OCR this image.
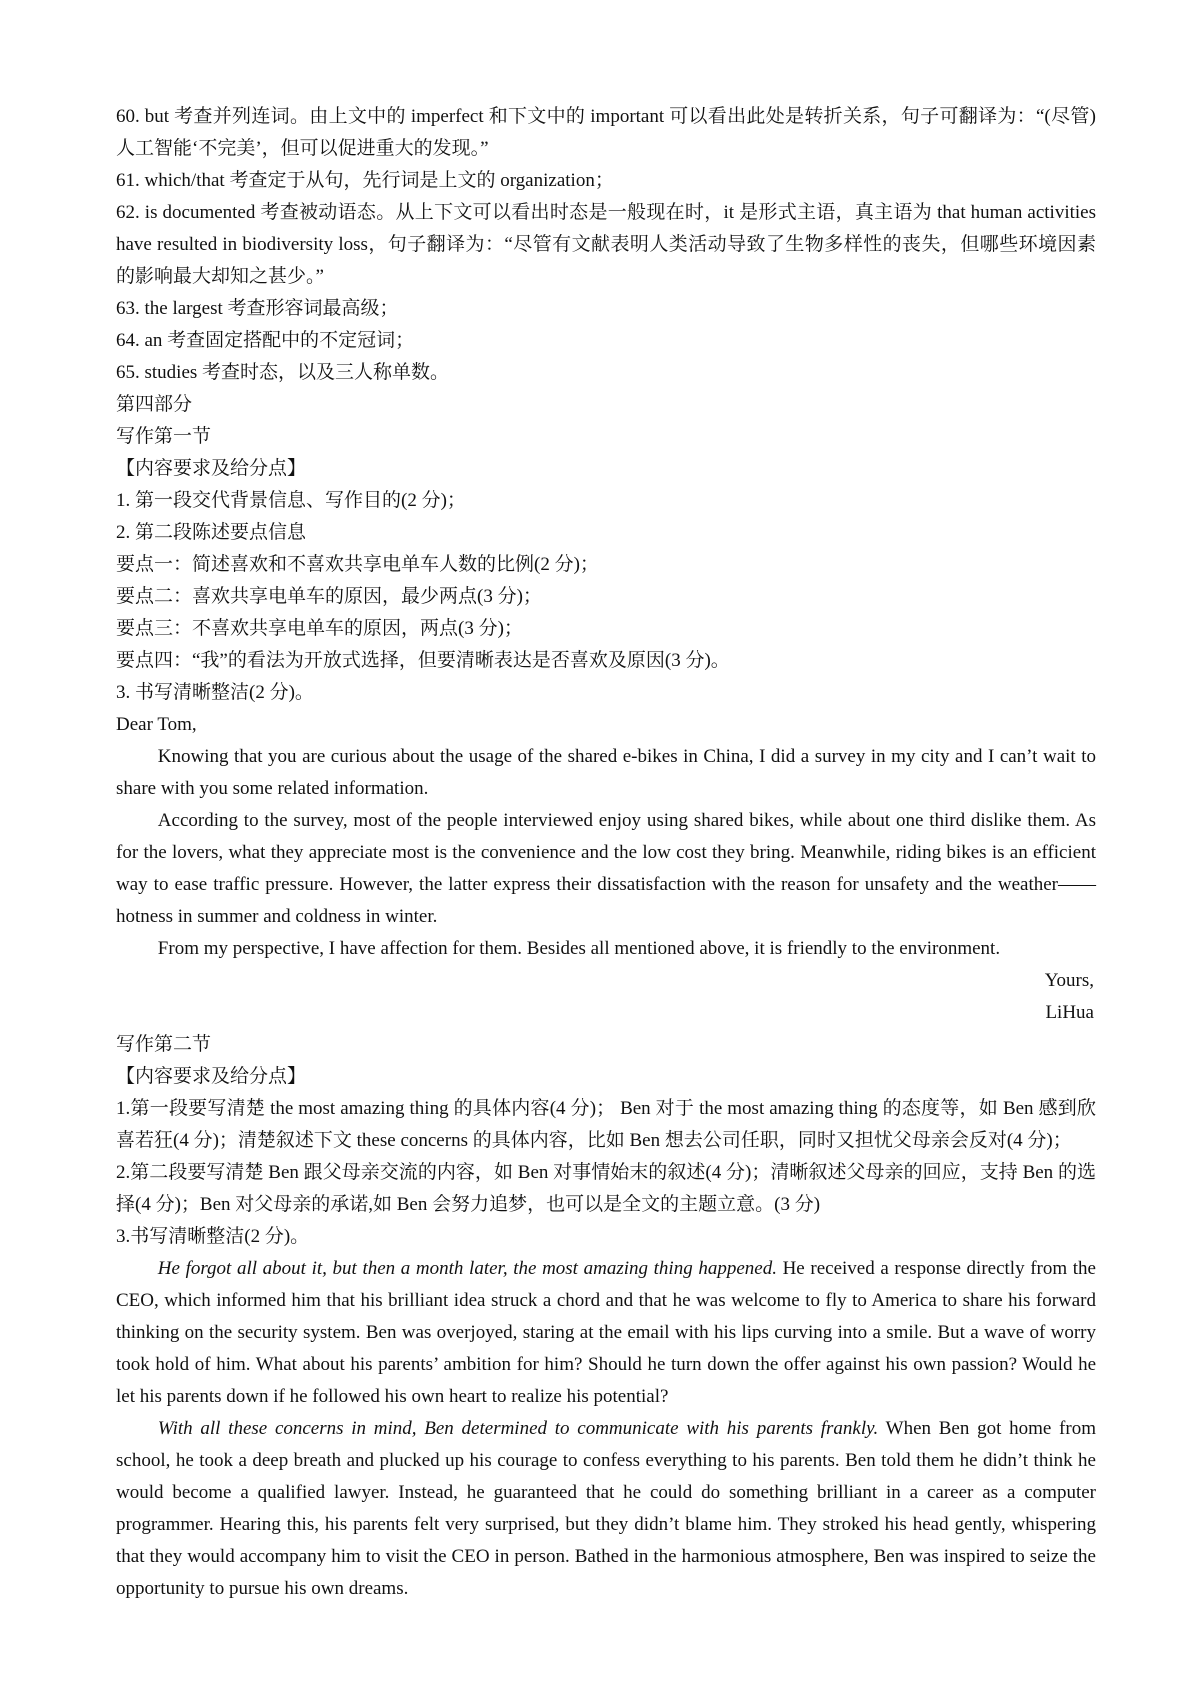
60. but 考查并列连词。由上文中的 imperfect 和下文中的 important 可以看出此处是转折关系，句子可翻译为：“(尽管)人工智能‘不完美’，但可以促进重大的发现。”

61. which/that 考查定于从句，先行词是上文的 organization；

62. is documented 考查被动语态。从上下文可以看出时态是一般现在时，it 是形式主语，真主语为 that human activities have resulted in biodiversity loss，句子翻译为：“尽管有文献表明人类活动导致了生物多样性的丧失，但哪些环境因素的影响最大却知之甚少。”

63. the largest 考查形容词最高级；

64. an 考查固定搭配中的不定冠词；

65. studies 考查时态，以及三人称单数。

第四部分

写作第一节

【内容要求及给分点】

1. 第一段交代背景信息、写作目的(2 分)；

2. 第二段陈述要点信息

要点一：简述喜欢和不喜欢共享电单车人数的比例(2 分)；

要点二：喜欢共享电单车的原因，最少两点(3 分)；

要点三：不喜欢共享电单车的原因，两点(3 分)；

要点四：“我”的看法为开放式选择，但要清晰表达是否喜欢及原因(3 分)。

3. 书写清晰整洁(2 分)。

Dear Tom,

Knowing that you are curious about the usage of the shared e-bikes in China, I did a survey in my city and I can’t wait to share with you some related information.

According to the survey, most of the people interviewed enjoy using shared bikes, while about one third dislike them. As for the lovers, what they appreciate most is the convenience and the low cost they bring. Meanwhile, riding bikes is an efficient way to ease traffic pressure. However, the latter express their dissatisfaction with the reason for unsafety and the weather——hotness in summer and coldness in winter.

From my perspective, I have affection for them. Besides all mentioned above, it is friendly to the environment.

Yours,

LiHua

写作第二节

【内容要求及给分点】

1.第一段要写清楚 the most amazing thing 的具体内容(4 分)； Ben 对于 the most amazing thing 的态度等，如 Ben 感到欣喜若狂(4 分)；清楚叙述下文 these concerns 的具体内容，比如 Ben 想去公司任职，同时又担忧父母亲会反对(4 分)；

2.第二段要写清楚 Ben 跟父母亲交流的内容，如 Ben 对事情始末的叙述(4 分)；清晰叙述父母亲的回应，支持 Ben 的选择(4 分)；Ben 对父母亲的承诺,如 Ben 会努力追梦，也可以是全文的主题立意。(3 分)

3.书写清晰整洁(2 分)。

He forgot all about it, but then a month later, the most amazing thing happened. He received a response directly from the CEO, which informed him that his brilliant idea struck a chord and that he was welcome to fly to America to share his forward thinking on the security system. Ben was overjoyed, staring at the email with his lips curving into a smile. But a wave of worry took hold of him. What about his parents’ ambition for him? Should he turn down the offer against his own passion? Would he let his parents down if he followed his own heart to realize his potential?

With all these concerns in mind, Ben determined to communicate with his parents frankly. When Ben got home from school, he took a deep breath and plucked up his courage to confess everything to his parents. Ben told them he didn’t think he would become a qualified lawyer. Instead, he guaranteed that he could do something brilliant in a career as a computer programmer. Hearing this, his parents felt very surprised, but they didn’t blame him. They stroked his head gently, whispering that they would accompany him to visit the CEO in person. Bathed in the harmonious atmosphere, Ben was inspired to seize the opportunity to pursue his own dreams.
